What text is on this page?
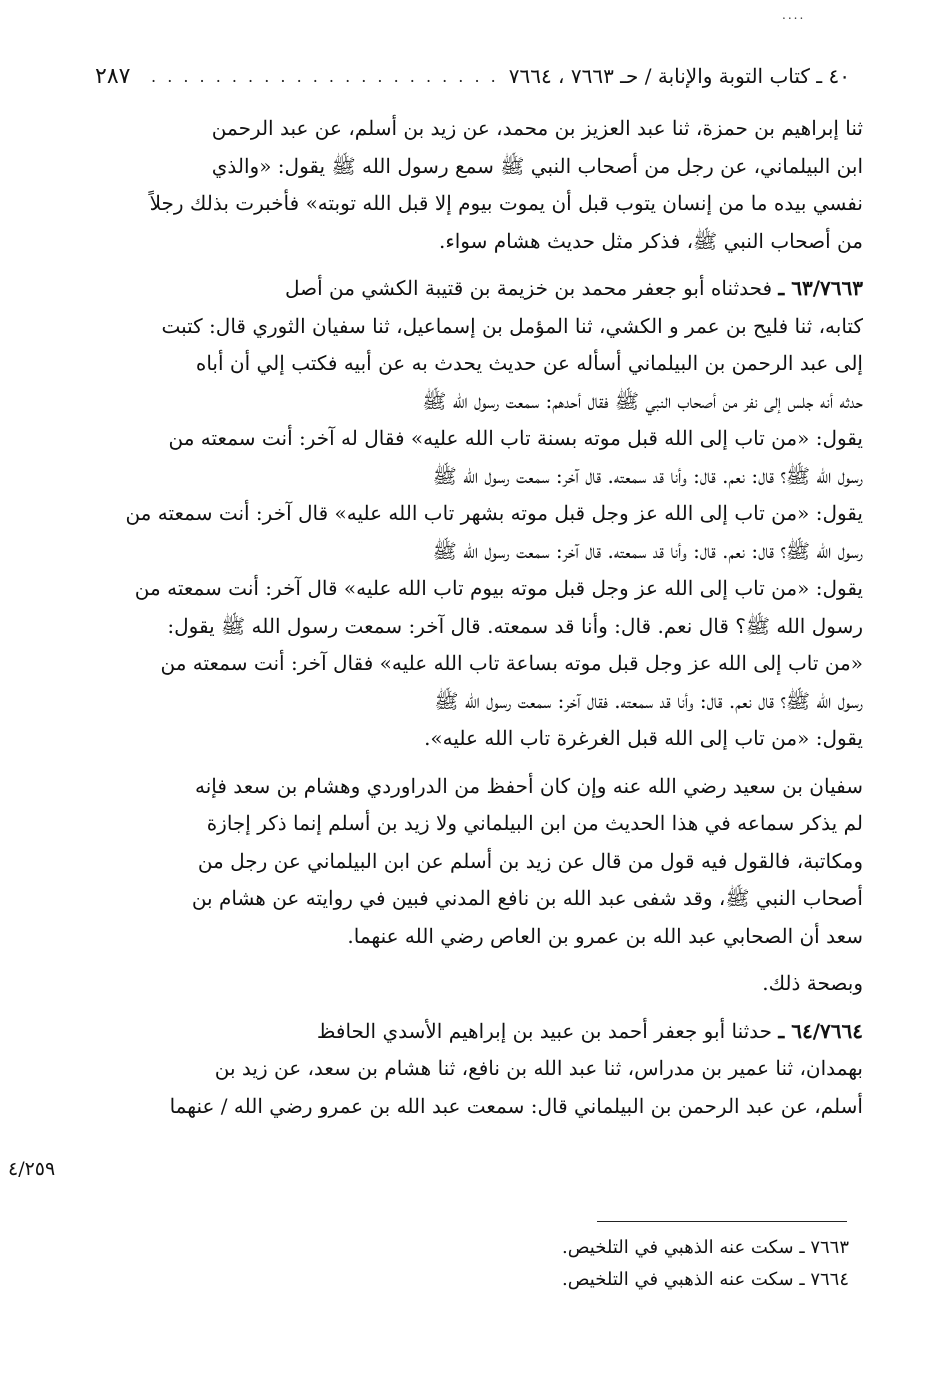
....
٤٠ ـ كتاب التوبة والإنابة / حـ ٧٦٦٣ ، ٧٦٦٤
. . .
٢٨٧

ثنا إبراهيم بن حمزة، ثنا عبد العزيز بن محمد، عن زيد بن أسلم، عن عبد الرحمن
ابن البيلماني، عن رجل من أصحاب النبي ﷺ سمع رسول الله ﷺ يقول: «والذي
نفسي بيده ما من إنسان يتوب قبل أن يموت بيوم إلا قبل الله توبته» فأخبرت بذلك رجلاً
من أصحاب النبي ﷺ، فذكر مثل حديث هشام سواء.

٦٣/٧٦٦٣ ـ فحدثناه أبو جعفر محمد بن خزيمة بن قتيبة الكشي من أصل
كتابه، ثنا فليح بن عمر و الكشي، ثنا المؤمل بن إسماعيل، ثنا سفيان الثوري قال: كتبت
إلى عبد الرحمن بن البيلماني أسأله عن حديث يحدث به عن أبيه فكتب إلي أن أباه
حدثه أنه جلس إلى نفر من أصحاب النبي ﷺ فقال أحدهم: سمعت رسول الله ﷺ
يقول: «من تاب إلى الله قبل موته بسنة تاب الله عليه» فقال له آخر: أنت سمعته من
رسول الله ﷺ؟ قال: نعم. قال: وأنا قد سمعته. قال آخر: سمعت رسول الله ﷺ
يقول: «من تاب إلى الله عز وجل قبل موته بشهر تاب الله عليه» قال آخر: أنت سمعته من
رسول الله ﷺ؟ قال: نعم. قال: وأنا قد سمعته. قال آخر: سمعت رسول الله ﷺ
يقول: «من تاب إلى الله عز وجل قبل موته بيوم تاب الله عليه» قال آخر: أنت سمعته من
رسول الله ﷺ؟ قال نعم. قال: وأنا قد سمعته. قال آخر: سمعت رسول الله ﷺ يقول:
«من تاب إلى الله عز وجل قبل موته بساعة تاب الله عليه» فقال آخر: أنت سمعته من
رسول الله ﷺ؟ قال نعم. قال: وأنا قد سمعته. فقال آخر: سمعت رسول الله ﷺ
يقول: «من تاب إلى الله قبل الغرغرة تاب الله عليه».

سفيان بن سعيد رضي الله عنه وإن كان أحفظ من الدراوردي وهشام بن سعد فإنه
لم يذكر سماعه في هذا الحديث من ابن البيلماني ولا زيد بن أسلم إنما ذكر إجازة
ومكاتبة، فالقول فيه قول من قال عن زيد بن أسلم عن ابن البيلماني عن رجل من
أصحاب النبي ﷺ، وقد شفى عبد الله بن نافع المدني فبين في روايته عن هشام بن
سعد أن الصحابي عبد الله بن عمرو بن العاص رضي الله عنهما.

وبصحة ذلك.

٦٤/٧٦٦٤ ـ حدثنا أبو جعفر أحمد بن عبيد بن إبراهيم الأسدي الحافظ
بهمدان، ثنا عمير بن مدراس، ثنا عبد الله بن نافع، ثنا هشام بن سعد، عن زيد بن
أسلم، عن عبد الرحمن بن البيلماني قال: سمعت عبد الله بن عمرو رضي الله / عنهما

٤/٢٥٩
٧٦٦٣ ـ سكت عنه الذهبي في التلخيص.
٧٦٦٤ ـ سكت عنه الذهبي في التلخيص.
